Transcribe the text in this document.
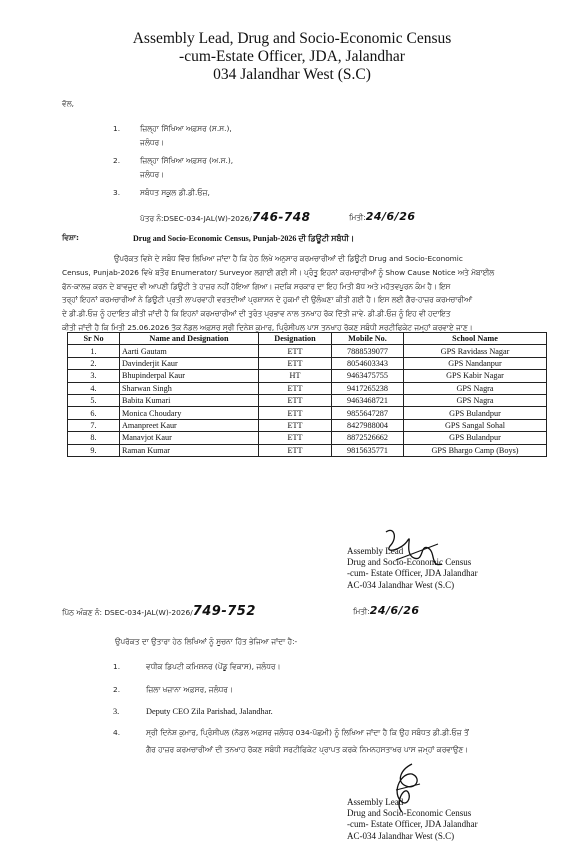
Assembly Lead, Drug and Socio-Economic Census
-cum-Estate Officer, JDA, Jalandhar
034 Jalandhar West (S.C)
ਵੱਲ,
1.	ਜ਼ਿਲ੍ਹਾ ਸਿੱਖਿਆ ਅਫ਼ਸਰ (ਸ.ਸ.),
ਜਲੰਧਰ।
2.	ਜ਼ਿਲ੍ਹਾ ਸਿੱਖਿਆ ਅਫ਼ਸਰ (ਅ.ਸ.),
ਜਲੰਧਰ।
3.	ਸਬੰਧਤ ਸਕੂਲ ਡੀ.ਡੀ.ਓਜ਼,
ਪੱਤਰ ਨੰ:DSEC-034-JAL(W)-2026/746-748	ਮਿਤੀ:24/6/26
ਵਿਸ਼ਾ:	Drug and Socio-Economic Census, Punjab-2026 ਦੀ ਡਿਊਟੀ ਸਬੰਧੀ।
ਉਪਰੋਕਤ ਵਿਸ਼ੇ ਦੇ ਸਬੰਧ ਵਿੱਚ ਲਿਖਿਆ ਜਾਂਦਾ ਹੈ ਕਿ ਹੇਠ ਲਿਖੇ ਅਨੁਸਾਰ ਕਰਮਚਾਰੀਆਂ ਦੀ ਡਿਊਟੀ Drug and Socio-Economic
Census, Punjab-2026 ਵਿਖੇ ਬਤੌਰ Enumerator/ Surveyor ਲਗਾਈ ਗਈ ਸੀ। ਪ੍ਰੰਤੂ ਇਹਨਾਂ ਕਰਮਚਾਰੀਆਂ ਨੂੰ Show Cause Notice ਅਤੇ ਮੋਬਾਈਲ
ਫੋਨ-ਕਾਲਜ਼ ਕਰਨ ਦੇ ਬਾਵਜੂਦ ਵੀ ਆਪਣੀ ਡਿਊਟੀ ਤੇ ਹਾਜ਼ਰ ਨਹੀਂ ਹੋਇਆ ਗਿਆ। ਜਦਕਿ ਸਰਕਾਰ ਦਾ ਇਹ ਮਿਤੀ ਬੱਧ ਅਤੇ ਮਹੱਤਵਪੂਰਨ ਕੰਮ ਹੈ। ਇਸ
ਤਰ੍ਹਾਂ ਇਹਨਾਂ ਕਰਮਚਾਰੀਆਂ ਨੇ ਡਿਊਟੀ ਪ੍ਰਤੀ ਲਾਪਰਵਾਹੀ ਵਰਤਦੀਆਂ ਪ੍ਰਸ਼ਾਸਨ ਦੇ ਹੁਕਮਾਂ ਦੀ ਉਲੰਘਣਾ ਕੀਤੀ ਗਈ ਹੈ। ਇਸ ਲਈ ਗੈਰ-ਹਾਜ਼ਰ ਕਰਮਚਾਰੀਆਂ
ਦੇ ਡੀ.ਡੀ.ਓਜ਼ ਨੂੰ ਹਦਾਇਤ ਕੀਤੀ ਜਾਂਦੀ ਹੈ ਕਿ ਇਹਨਾਂ ਕਰਮਚਾਰੀਆਂ ਦੀ ਤੁਰੰਤ ਪ੍ਰਭਾਵ ਨਾਲ ਤਨਖਾਹ ਰੋਕ ਦਿੱਤੀ ਜਾਵੇ. ਡੀ.ਡੀ.ਓਜ਼ ਨੂੰ ਇਹ ਵੀ ਹਦਾਇਤ
ਕੀਤੀ ਜਾਂਦੀ ਹੈ ਕਿ ਮਿਤੀ 25.06.2026 ਤੱਕ ਨੋਡਲ ਅਫ਼ਸਰ ਸ੍ਰੀ ਦਿਨੇਸ਼ ਕੁਮਾਰ, ਪ੍ਰਿੰਸੀਪਲ ਪਾਸ ਤਨਖਾਹ ਰੋਕਣ ਸਬੰਧੀ ਸਰਟੀਫਿਕੇਟ ਜਮ੍ਹਾਂ ਕਰਵਾਏ ਜਾਣ।
Sr No	Name and Designation	Designation	Mobile No.	School Name
1.	Aarti Gautam	ETT	7888539077	GPS Ravidass Nagar
2.	Davinderjit Kaur	ETT	8054603343	GPS Nandanpur
3.	Bhupinderpal Kaur	HT	9463475755	GPS Kabir Nagar
4.	Sharwan Singh	ETT	9417265238	GPS Nagra
5.	Babita Kumari	ETT	9463468721	GPS Nagra
6.	Monica Choudary	ETT	9855647287	GPS Bulandpur
7.	Amanpreet Kaur	ETT	8427988004	GPS Sangal Sohal
8.	Manavjot Kaur	ETT	8872526662	GPS Bulandpur
9.	Raman Kumar	ETT	9815635771	GPS Bhargo Camp (Boys)
Assembly Lead
Drug and Socio-Economic Census
-cum- Estate Officer, JDA Jalandhar
AC-034 Jalandhar West (S.C)
ਪਿੱਠ ਅੰਕਣ ਨੰ: DSEC-034-JAL(W)-2026/749-752	ਮਿਤੀ:24/6/26
ਉਪਰੋਕਤ ਦਾ ਉਤਾਰਾ ਹੇਠ ਲਿਖਿਆਂ ਨੂੰ ਸੂਚਨਾ ਹਿੱਤ ਭੇਜਿਆ ਜਾਂਦਾ ਹੈ:-
1.	ਵਧੀਕ ਡਿਪਟੀ ਕਮਿਸ਼ਨਰ (ਪੇਂਡੂ ਵਿਕਾਸ), ਜਲੰਧਰ।
2.	ਜ਼ਿਲਾ ਖਜ਼ਾਨਾ ਅਫ਼ਸਰ, ਜਲੰਧਰ।
3.	Deputy CEO Zila Parishad, Jalandhar.
4.	ਸ੍ਰੀ ਦਿਨੇਸ਼ ਕੁਮਾਰ, ਪ੍ਰਿੰਸੀਪਲ (ਨੋਡਲ ਅਫ਼ਸਰ ਜਲੰਧਰ 034-ਪੱਛਮੀ) ਨੂੰ ਲਿਖਿਆ ਜਾਂਦਾ ਹੈ ਕਿ ਉਹ ਸਬੰਧਤ ਡੀ.ਡੀ.ਓਜ਼ ਤੋਂ
ਗੈਰ ਹਾਜ਼ਰ ਕਰਮਚਾਰੀਆਂ ਦੀ ਤਨਖਾਹ ਰੋਕਣ ਸਬੰਧੀ ਸਰਟੀਫਿਕੇਟ ਪ੍ਰਾਪਤ ਕਰਕੇ ਨਿਮਨਹਸਤਾਖਰ ਪਾਸ ਜਮ੍ਹਾਂ ਕਰਵਾਉਣ।
Assembly Lead
Drug and Socio-Economic Census
-cum- Estate Officer, JDA Jalandhar
AC-034 Jalandhar West (S.C)
